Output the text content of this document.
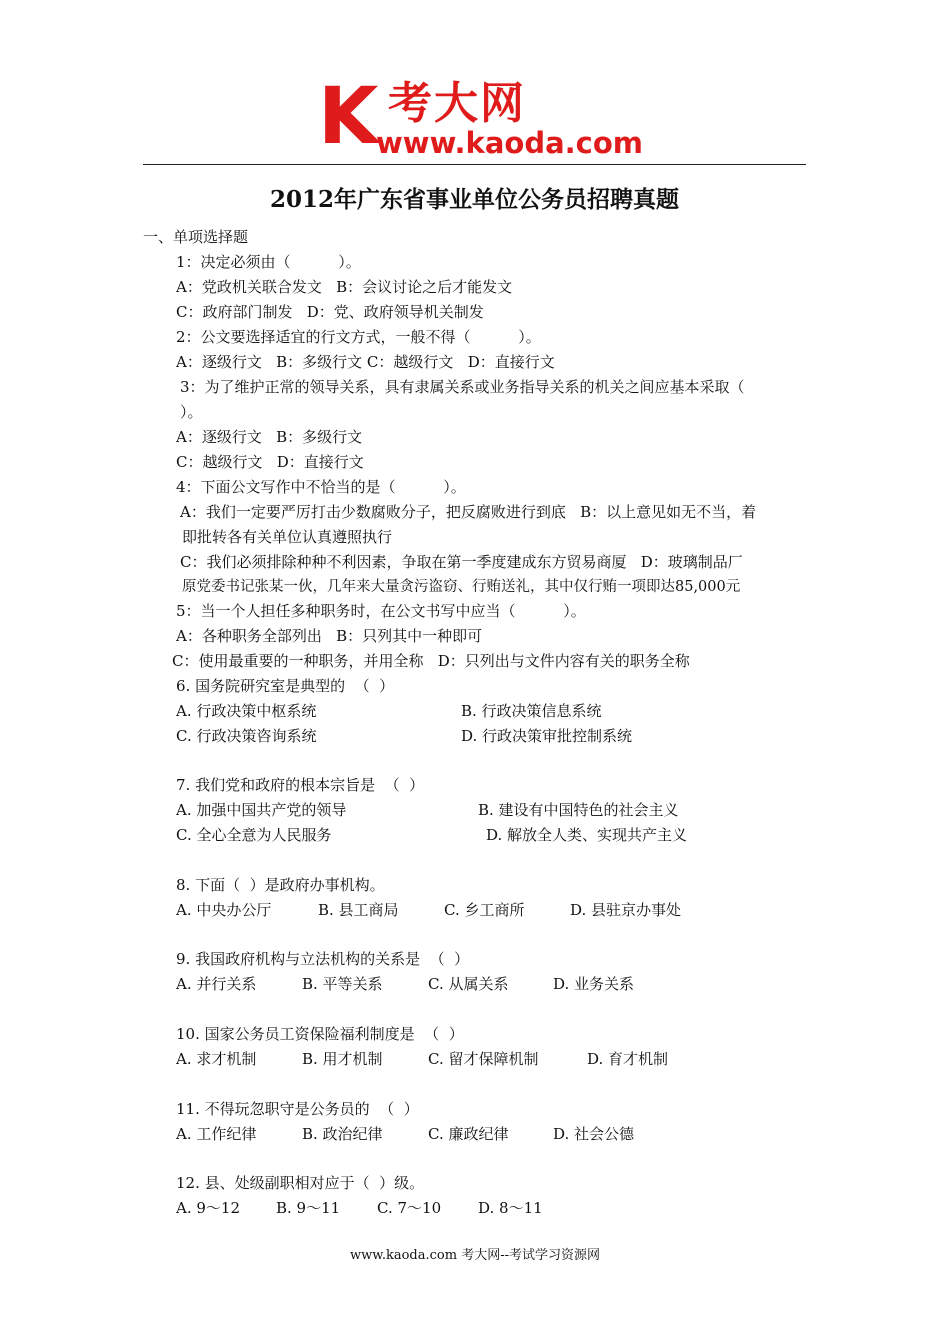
K 考大网
www.kaoda.com
2012年广东省事业单位公务员招聘真题
一、单项选择题
1：决定必须由（          ）。
A：党政机关联合发文   B：会议讨论之后才能发文
C：政府部门制发   D：党、政府领导机关制发
2：公文要选择适宜的行文方式，一般不得（          ）。
A：逐级行文   B：多级行文 C：越级行文   D：直接行文
3：为了维护正常的领导关系，具有隶属关系或业务指导关系的机关之间应基本采取（
）。
A：逐级行文   B：多级行文
C：越级行文   D：直接行文
4：下面公文写作中不恰当的是（          ）。
A：我们一定要严厉打击少数腐败分子，把反腐败进行到底   B：以上意见如无不当，着
即批转各有关单位认真遵照执行
C：我们必须排除种种不利因素，争取在第一季度建成东方贸易商厦   D：玻璃制品厂
原党委书记张某一伙，几年来大量贪污盗窃、行贿送礼，其中仅行贿一项即达85,000元
5：当一个人担任多种职务时，在公文书写中应当（          ）。
A：各种职务全部列出   B：只列其中一种即可
C：使用最重要的一种职务，并用全称   D：只列出与文件内容有关的职务全称
6. 国务院研究室是典型的  （  ）
A. 行政决策中枢系统	B. 行政决策信息系统
C. 行政决策咨询系统	D. 行政决策审批控制系统
7. 我们党和政府的根本宗旨是  （  ）
A. 加强中国共产党的领导	B. 建设有中国特色的社会主义
C. 全心全意为人民服务	D. 解放全人类、实现共产主义
8. 下面（  ）是政府办事机构。
A. 中央办公厅	B. 县工商局	C. 乡工商所	D. 县驻京办事处
9. 我国政府机构与立法机构的关系是  （  ）
A. 并行关系	B. 平等关系	C. 从属关系	D. 业务关系
10. 国家公务员工资保险福利制度是  （  ）
A. 求才机制	B. 用才机制	C. 留才保障机制	D. 育才机制
11. 不得玩忽职守是公务员的  （  ）
A. 工作纪律	B. 政治纪律	C. 廉政纪律	D. 社会公德
12. 县、处级副职相对应于（  ）级。
A. 9～12 B. 9～11 C. 7～10 D. 8～11
www.kaoda.com 考大网--考试学习资源网
